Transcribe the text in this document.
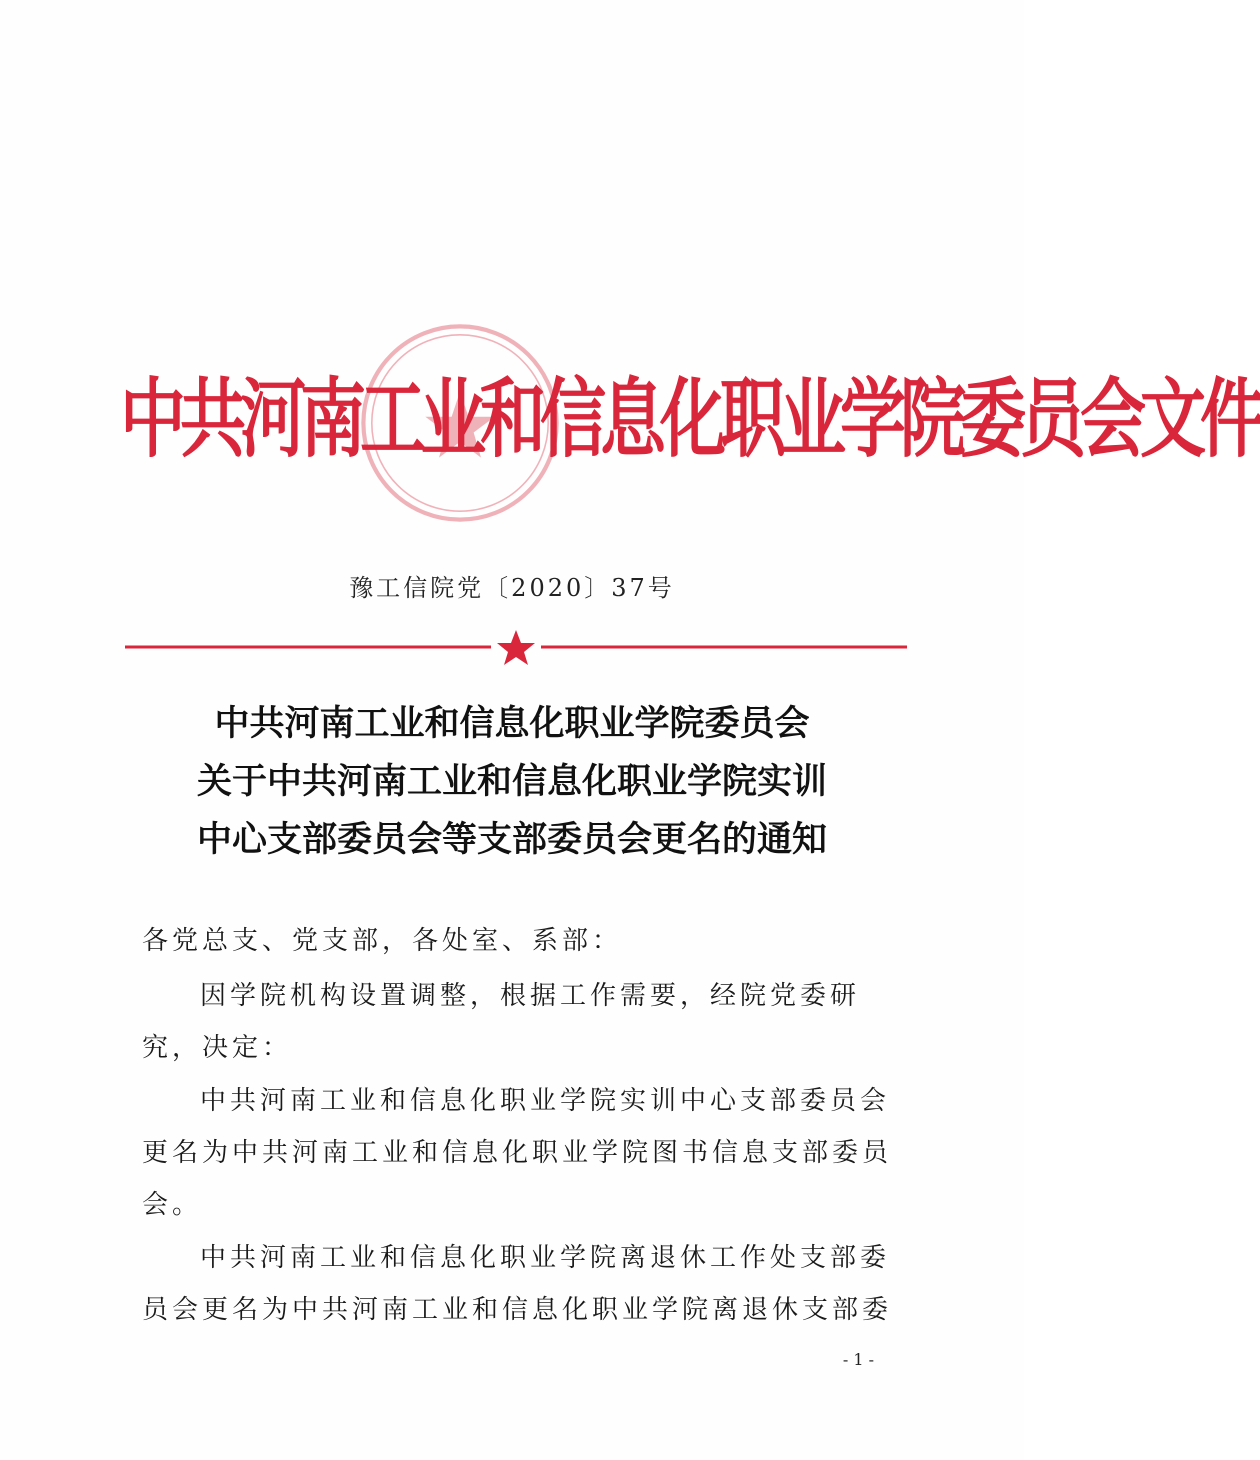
中共河南工业和信息化职业学院委员会文件
豫工信院党〔2020〕37号
中共河南工业和信息化职业学院委员会
关于中共河南工业和信息化职业学院实训
中心支部委员会等支部委员会更名的通知
各党总支、党支部，各处室、系部：
因学院机构设置调整，根据工作需要，经院党委研究，决定：
中共河南工业和信息化职业学院实训中心支部委员会更名为中共河南工业和信息化职业学院图书信息支部委员会。
中共河南工业和信息化职业学院离退休工作处支部委员会更名为中共河南工业和信息化职业学院离退休支部委
- 1 -
